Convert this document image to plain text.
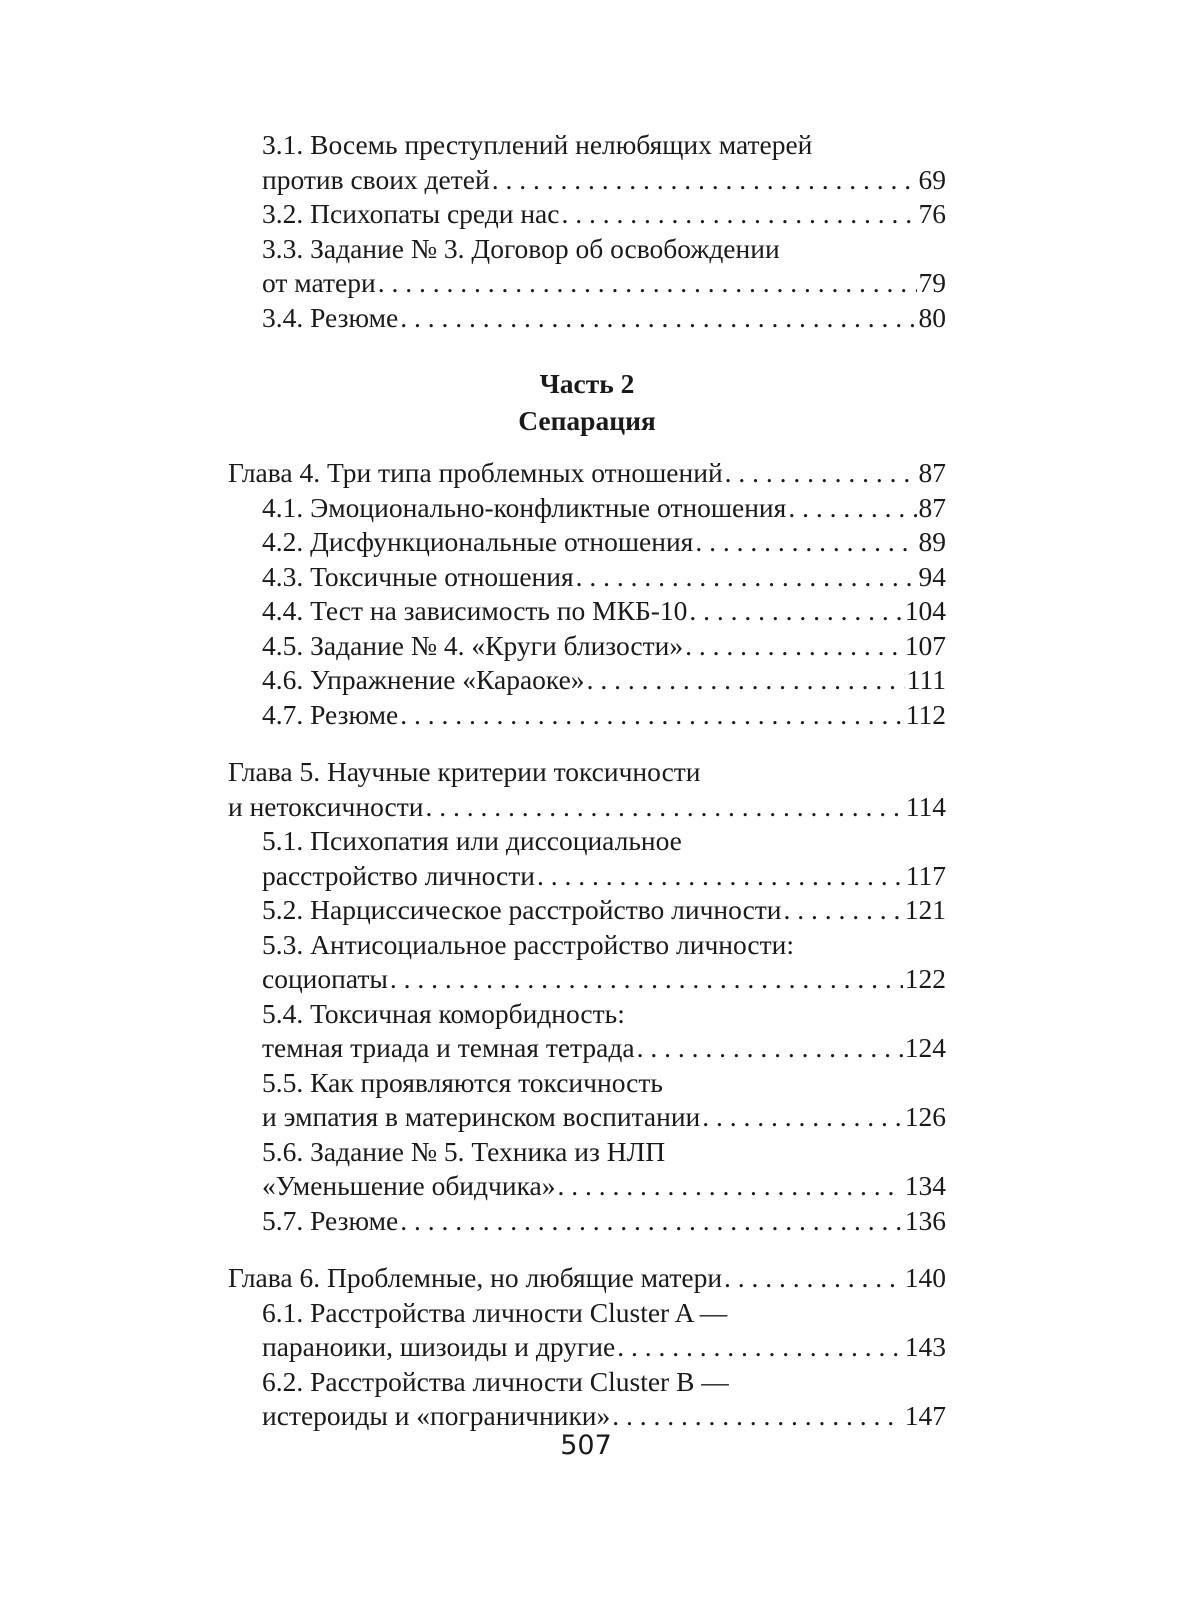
3.1. Восемь преступлений нелюбящих матерей
против своих детей . . .	69
3.2. Психопаты среди нас . . .	76
3.3. Задание № 3. Договор об освобождении
от матери . . .	79
3.4. Резюме . . .	80
Часть 2
Сепарация
Глава 4. Три типа проблемных отношений . . .	87
4.1. Эмоционально-конфликтные отношения . . .	87
4.2. Дисфункциональные отношения . . .	89
4.3. Токсичные отношения . . .	94
4.4. Тест на зависимость по МКБ-10 . . .	104
4.5. Задание № 4. «Круги близости» . . .	107
4.6. Упражнение «Караоке» . . .	111
4.7. Резюме . . .	112
Глава 5. Научные критерии токсичности
и нетоксичности . . .	114
5.1. Психопатия или диссоциальное
расстройство личности . . .	117
5.2. Нарциссическое расстройство личности . . .	121
5.3. Антисоциальное расстройство личности:
социопаты . . .	122
5.4. Токсичная коморбидность:
темная триада и темная тетрада . . .	124
5.5. Как проявляются токсичность
и эмпатия в материнском воспитании . . .	126
5.6. Задание № 5. Техника из НЛП
«Уменьшение обидчика» . . .	134
5.7. Резюме . . .	136
Глава 6. Проблемные, но любящие матери . . .	140
6.1. Расстройства личности Cluster A —
параноики, шизоиды и другие . . .	143
6.2. Расстройства личности Cluster B —
истероиды и «пограничники» . . .	147
507
